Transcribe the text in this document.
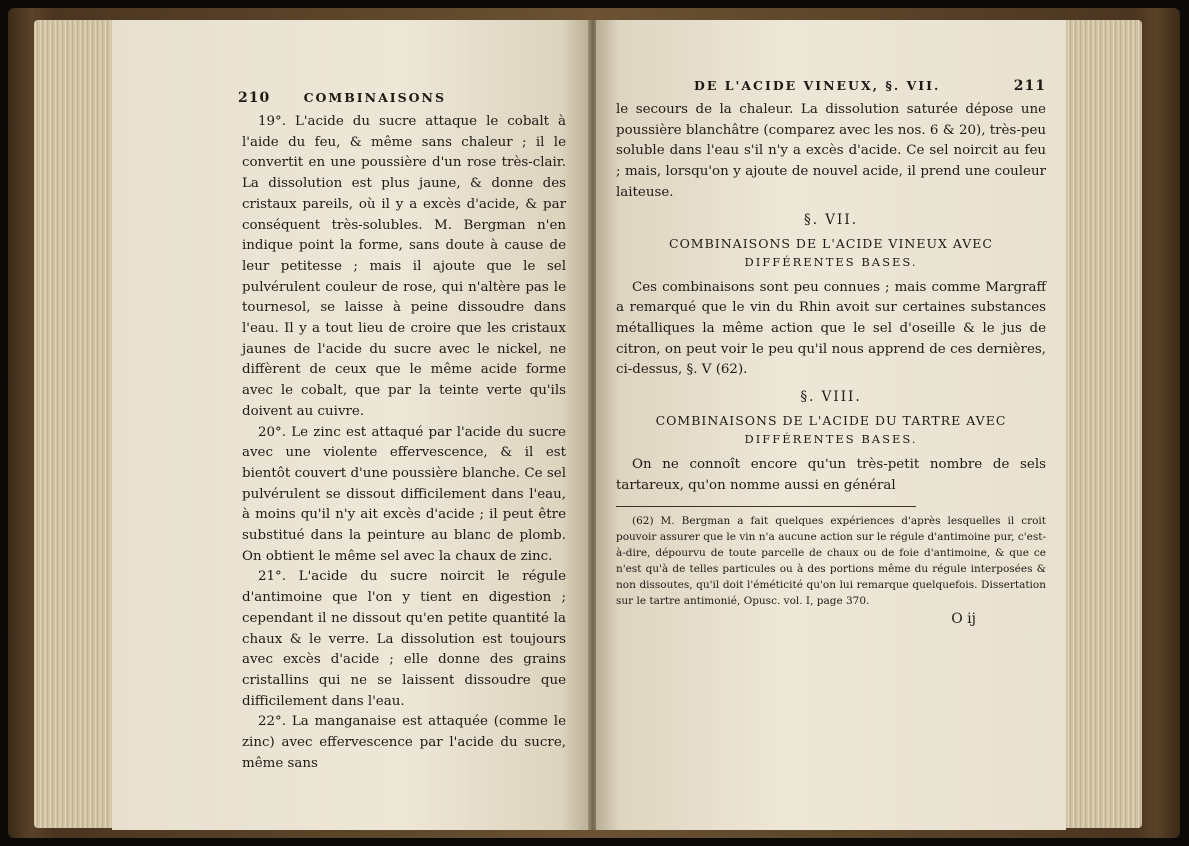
210	COMBINAISONS

19°. L'acide du sucre attaque le cobalt à l'aide du feu, & même sans chaleur ; il le convertit en une poussière d'un rose très-clair. La dissolution est plus jaune, & donne des cristaux pareils, où il y a excès d'acide, & par conséquent très-solubles. M. Bergman n'en indique point la forme, sans doute à cause de leur petitesse ; mais il ajoute que le sel pulvérulent couleur de rose, qui n'altère pas le tournesol, se laisse à peine dissoudre dans l'eau. Il y a tout lieu de croire que les cristaux jaunes de l'acide du sucre avec le nickel, ne diffèrent de ceux que le même acide forme avec le cobalt, que par la teinte verte qu'ils doivent au cuivre.

20°. Le zinc est attaqué par l'acide du sucre avec une violente effervescence, & il est bientôt couvert d'une poussière blanche. Ce sel pulvérulent se dissout difficilement dans l'eau, à moins qu'il n'y ait excès d'acide ; il peut être substitué dans la peinture au blanc de plomb. On obtient le même sel avec la chaux de zinc.

21°. L'acide du sucre noircit le régule d'antimoine que l'on y tient en digestion ; cependant il ne dissout qu'en petite quantité la chaux & le verre. La dissolution est toujours avec excès d'acide ; elle donne des grains cristallins qui ne se laissent dissoudre que difficilement dans l'eau.

22°. La manganaise est attaquée (comme le zinc) avec effervescence par l'acide du sucre, même sans

DE L'ACIDE VINEUX, §. VII.	211

le secours de la chaleur. La dissolution saturée dépose une poussière blanchâtre (comparez avec les nos. 6 & 20), très-peu soluble dans l'eau s'il n'y a excès d'acide. Ce sel noircit au feu ; mais, lorsqu'on y ajoute de nouvel acide, il prend une couleur laiteuse.

§. VII.
COMBINAISONS DE L'ACIDE VINEUX AVEC
DIFFÉRENTES BASES.

Ces combinaisons sont peu connues ; mais comme Margraff a remarqué que le vin du Rhin avoit sur certaines substances métalliques la même action que le sel d'oseille & le jus de citron, on peut voir le peu qu'il nous apprend de ces dernières, ci-dessus, §. V (62).

§. VIII.
COMBINAISONS DE L'ACIDE DU TARTRE AVEC
DIFFÉRENTES BASES.

On ne connoît encore qu'un très-petit nombre de sels tartareux, qu'on nomme aussi en général

(62) M. Bergman a fait quelques expériences d'après lesquelles il croit pouvoir assurer que le vin n'a aucune action sur le régule d'antimoine pur, c'est-à-dire, dépourvu de toute parcelle de chaux ou de foie d'antimoine, & que ce n'est qu'à de telles particules ou à des portions même du régule interposées & non dissoutes, qu'il doit l'éméticité qu'on lui remarque quelquefois. Dissertation sur le tartre antimonié, Opusc. vol. I, page 370.

O ij
